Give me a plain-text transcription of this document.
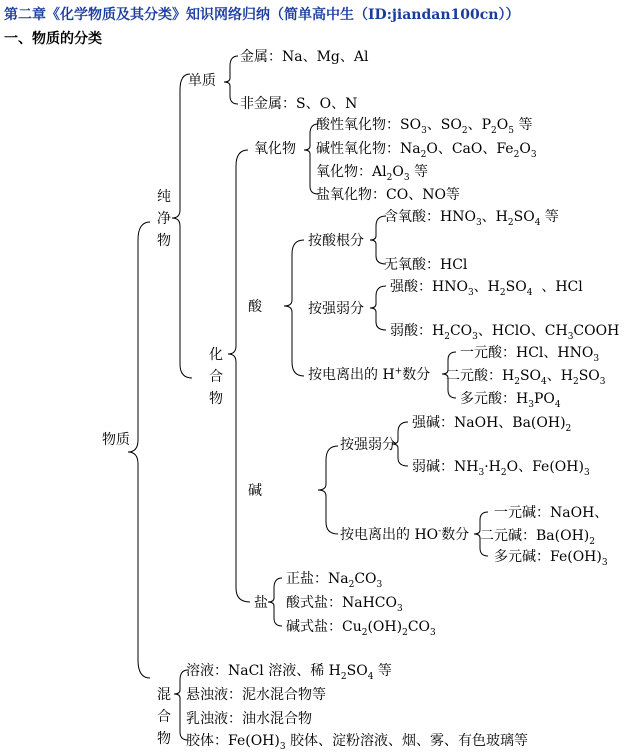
第二章《化学物质及其分类》知识网络归纳（简单高中生（ID:jiandan100cn））
一、物质的分类
物质
纯净物
单质
金属：Na、Mg、Al
非金属：S、O、N
化合物
氧化物
酸性氧化物：$SO_3$、$SO_2$、$P_2O_5$ 等
碱性氧化物：$Na_2O$、CaO、$Fe_2O_3$
氧化物：$Al_2O_3$ 等
盐氧化物：CO、NO等
酸
按酸根分
含氧酸：$HNO_3$、$H_2SO_4$ 等
无氧酸：HCl
按强弱分
强酸：$HNO_3$、$H_2SO_4$  、HCl
弱酸：$H_2CO_3$、HClO、$CH_3COOH$
按电离出的 H+数分
一元酸：HCl、$HNO_3$
二元酸：$H_2SO_4$、$H_2SO_3$
多元酸：$H_3PO_4$
碱
按强弱分
强碱：NaOH、$Ba(OH)_2$
弱碱：$NH_3\cdot H_2O$、$Fe(OH)_3$
按电离出的 HO-数分
一元碱：NaOH、
二元碱：$Ba(OH)_2$
多元碱：$Fe(OH)_3$
盐
正盐：$Na_2CO_3$
酸式盐：NaHCO$_3$
碱式盐：$Cu_2(OH)_2CO_3$
混合物
溶液：NaCl 溶液、稀 $H_2SO_4$ 等
悬浊液：泥水混合物等
乳浊液：油水混合物
胶体：$Fe(OH)_3$ 胶体、淀粉溶液、烟、雾、有色玻璃等
